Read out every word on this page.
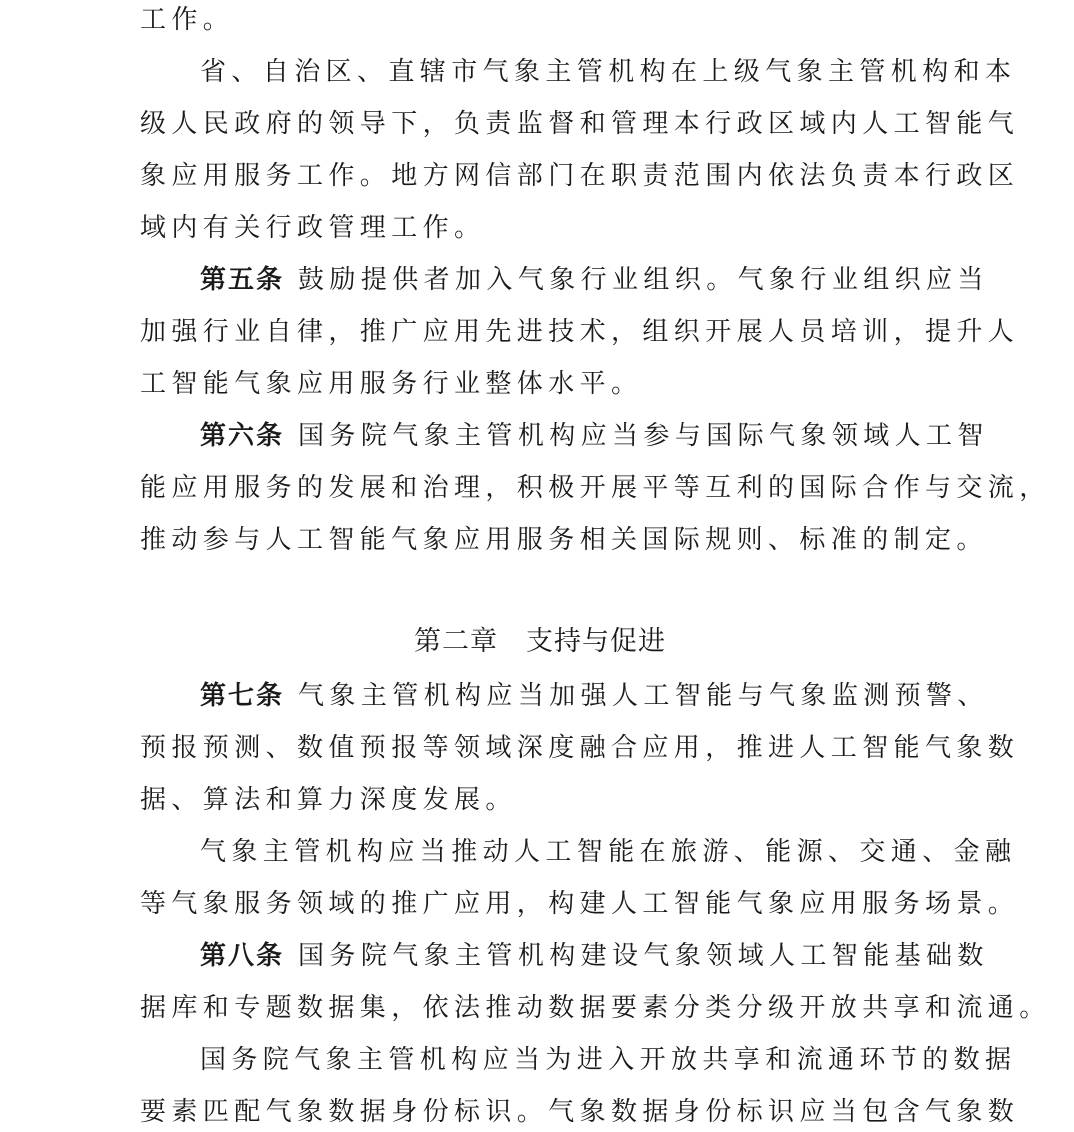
工作。
省、自治区、直辖市气象主管机构在上级气象主管机构和本
级人民政府的领导下，负责监督和管理本行政区域内人工智能气
象应用服务工作。地方网信部门在职责范围内依法负责本行政区
域内有关行政管理工作。
第五条 鼓励提供者加入气象行业组织。气象行业组织应当
加强行业自律，推广应用先进技术，组织开展人员培训，提升人
工智能气象应用服务行业整体水平。
第六条 国务院气象主管机构应当参与国际气象领域人工智
能应用服务的发展和治理，积极开展平等互利的国际合作与交流，
推动参与人工智能气象应用服务相关国际规则、标准的制定。
第二章 支持与促进
第七条 气象主管机构应当加强人工智能与气象监测预警、
预报预测、数值预报等领域深度融合应用，推进人工智能气象数
据、算法和算力深度发展。
气象主管机构应当推动人工智能在旅游、能源、交通、金融
等气象服务领域的推广应用，构建人工智能气象应用服务场景。
第八条 国务院气象主管机构建设气象领域人工智能基础数
据库和专题数据集，依法推动数据要素分类分级开放共享和流通。
国务院气象主管机构应当为进入开放共享和流通环节的数据
要素匹配气象数据身份标识。气象数据身份标识应当包含气象数
